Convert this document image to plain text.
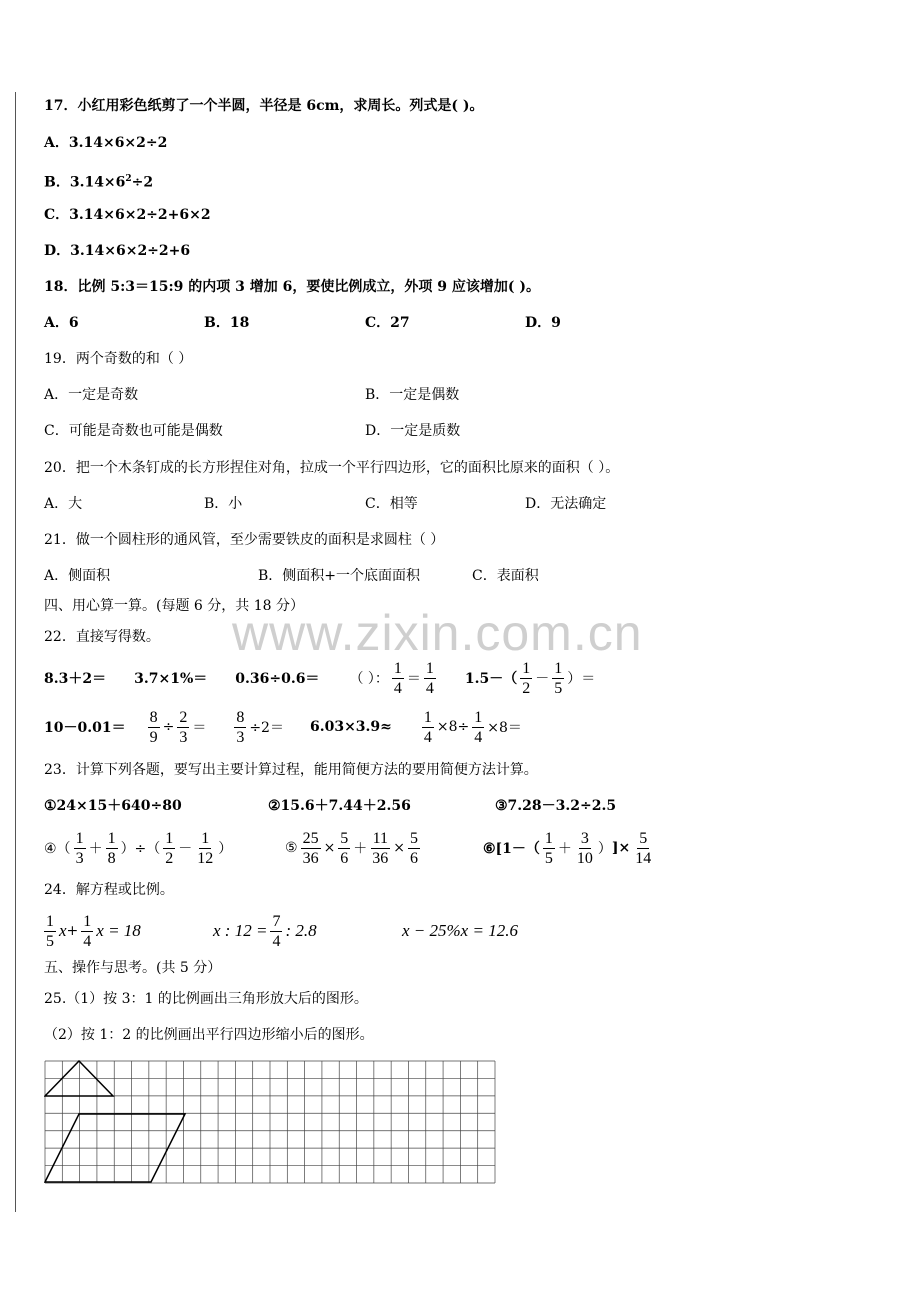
www.zixin.com.cn
17．小红用彩色纸剪了一个半圆，半径是 6cm，求周长。列式是( )。
A．3.14×6×2÷2
B．$3.14\times 6^2\div 2$
C．3.14×6×2÷2+6×2
D．3.14×6×2÷2+6
18．比例 5:3＝15:9 的内项 3 增加 6，要使比例成立，外项 9 应该增加( )。
A．6	B．18	C．27	D．9
19．两个奇数的和（ ）
A．一定是奇数	B．一定是偶数
C．可能是奇数也可能是偶数	D．一定是质数
20．把一个木条钉成的长方形捏住对角，拉成一个平行四边形，它的面积比原来的面积（ ）。
A．大	B．小	C．相等	D．无法确定
21．做一个圆柱形的通风管，至少需要铁皮的面积是求圆柱（ ）
A．侧面积	B．侧面积+一个底面面积	C．表面积
四、用心算一算。(每题 6 分，共 18 分）
22．直接写得数。
8.3＋2＝ 3.7×1%＝ 0.36÷0.6＝ （ ）： $\frac{1}{4} = \frac{1}{4} 1.5-( \frac{1}{2} - \frac{1}{5}$ ）＝
$10-0.01= \frac{8}{9} \div \frac{2}{3} = \frac{8}{3} \div 2= 6.03\times 3.9\approx \frac{1}{4} \times 8\div \frac{1}{4} \times 8=$
23．计算下列各题，要写出主要计算过程，能用简便方法的要用简便方法计算。
①24×15＋640÷80	②15.6＋7.44＋2.56	③7.28－3.2÷2.5
④（ $\frac{1}{3} + \frac{1}{8}$ ）÷（ $\frac{1}{2} - \frac{1}{12}$ ）	⑤ $\frac{25}{36} \times \frac{5}{6} + \frac{11}{36} \times \frac{5}{6}$	⑥[1－（ $\frac{1}{5} + \frac{3}{10}$ ） ]× $\frac{5}{14}$
24．解方程或比例。
$\frac{1}{5}$ $x + \frac{1}{4}$ x = 18	x : $12 = \frac{7}{4}$ : 2.8	x − 25%x = 12.6
五、操作与思考。(共 5 分）
25.（1）按 3：1 的比例画出三角形放大后的图形。
（2）按 1：2 的比例画出平行四边形缩小后的图形。
